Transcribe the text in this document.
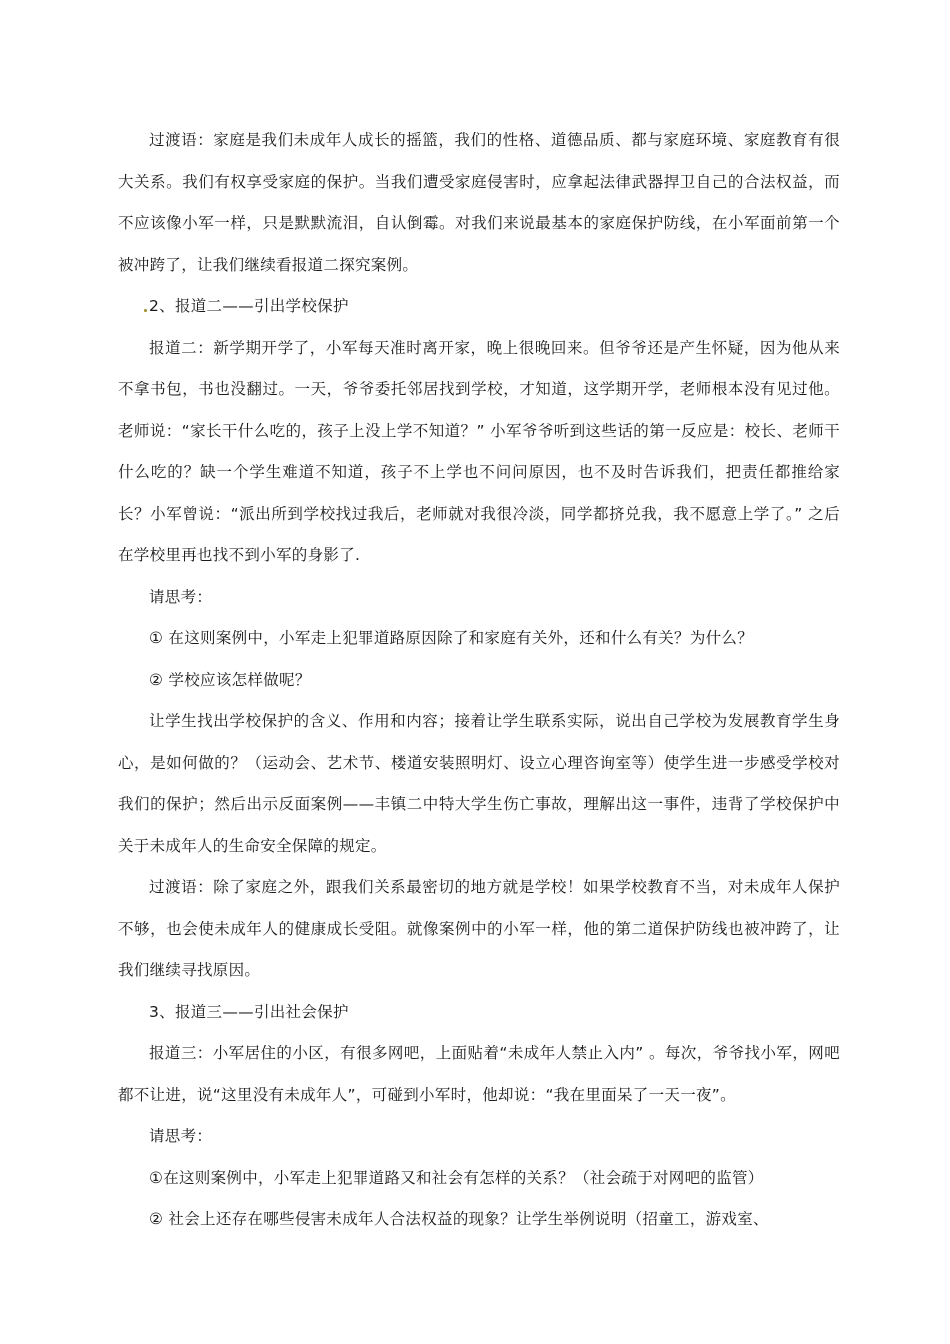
过渡语：家庭是我们未成年人成长的摇篮，我们的性格、道德品质、都与家庭环境、家庭教育有很大关系。我们有权享受家庭的保护。当我们遭受家庭侵害时，应拿起法律武器捍卫自己的合法权益，而不应该像小军一样，只是默默流泪，自认倒霉。对我们来说最基本的家庭保护防线，在小军面前第一个被冲跨了，让我们继续看报道二探究案例。

2、报道二——引出学校保护

报道二：新学期开学了，小军每天准时离开家，晚上很晚回来。但爷爷还是产生怀疑，因为他从来不拿书包，书也没翻过。一天，爷爷委托邻居找到学校，才知道，这学期开学，老师根本没有见过他。老师说：“家长干什么吃的，孩子上没上学不知道？” 小军爷爷听到这些话的第一反应是：校长、老师干什么吃的？缺一个学生难道不知道，孩子不上学也不问问原因，也不及时告诉我们，把责任都推给家长？小军曾说：“派出所到学校找过我后，老师就对我很冷淡，同学都挤兑我，我不愿意上学了。” 之后在学校里再也找不到小军的身影了.

请思考：

① 在这则案例中，小军走上犯罪道路原因除了和家庭有关外，还和什么有关？为什么？

② 学校应该怎样做呢？

让学生找出学校保护的含义、作用和内容；接着让学生联系实际，说出自己学校为发展教育学生身心，是如何做的？（运动会、艺术节、楼道安装照明灯、设立心理咨询室等）使学生进一步感受学校对我们的保护；然后出示反面案例——丰镇二中特大学生伤亡事故，理解出这一事件，违背了学校保护中关于未成年人的生命安全保障的规定。

过渡语：除了家庭之外，跟我们关系最密切的地方就是学校！如果学校教育不当，对未成年人保护不够，也会使未成年人的健康成长受阻。就像案例中的小军一样，他的第二道保护防线也被冲跨了，让我们继续寻找原因。

3、报道三——引出社会保护

报道三：小军居住的小区，有很多网吧，上面贴着“未成年人禁止入内” 。每次，爷爷找小军，网吧都不让进，说“这里没有未成年人”，可碰到小军时，他却说：“我在里面呆了一天一夜”。

请思考：

①在这则案例中，小军走上犯罪道路又和社会有怎样的关系？（社会疏于对网吧的监管）

② 社会上还存在哪些侵害未成年人合法权益的现象？让学生举例说明（招童工，游戏室、
